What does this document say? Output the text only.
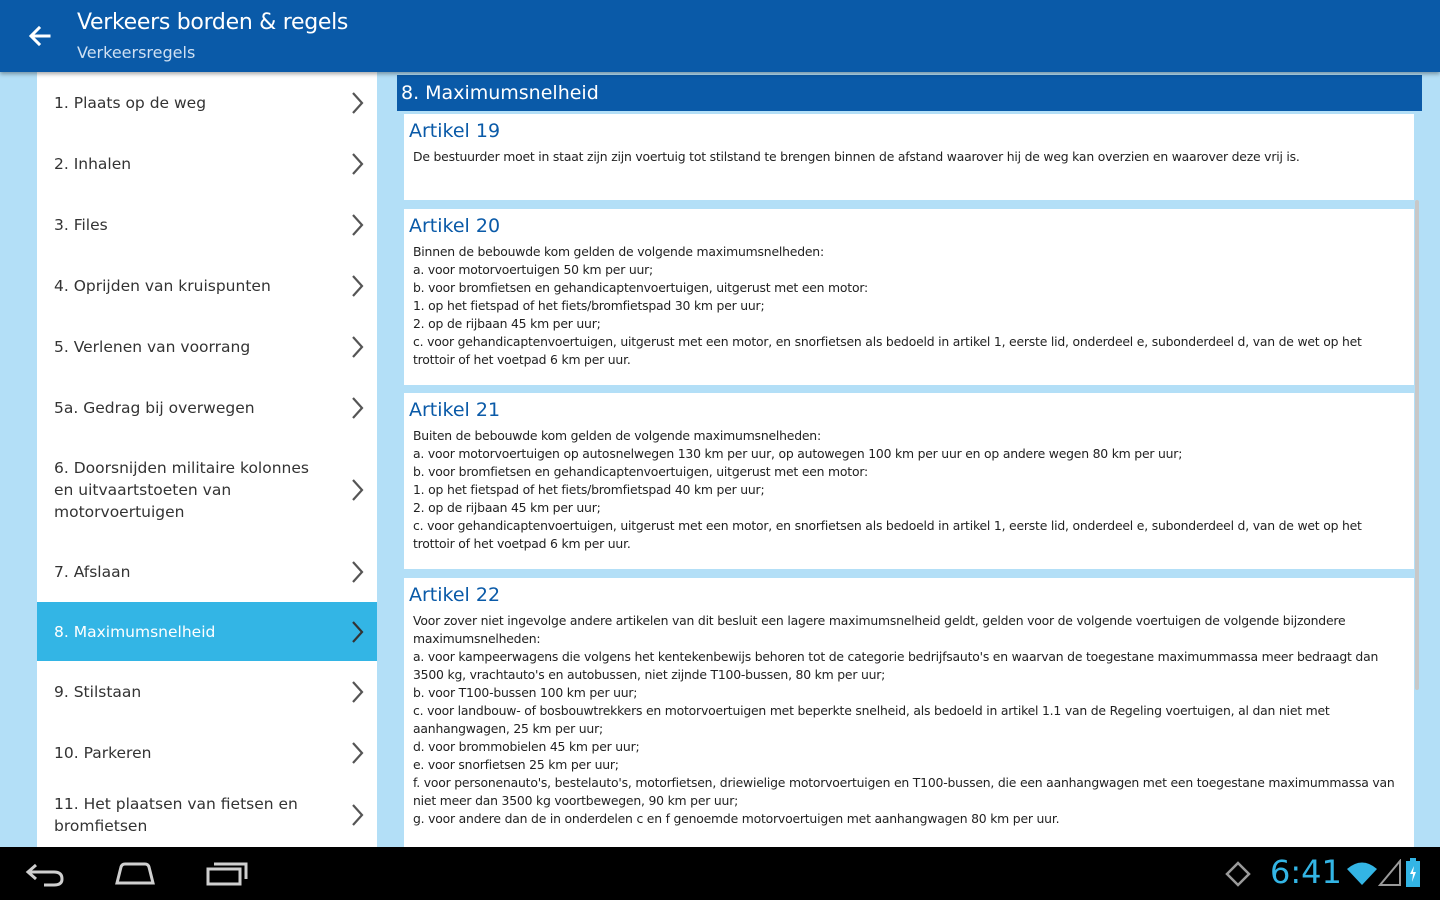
Verkeers borden & regels
Verkeersregels
1. Plaats op de weg
2. Inhalen
3. Files
4. Oprijden van kruispunten
5. Verlenen van voorrang
5a. Gedrag bij overwegen
6. Doorsnijden militaire kolonnes en uitvaartstoeten van motorvoertuigen
7. Afslaan
8. Maximumsnelheid
9. Stilstaan
10. Parkeren
11. Het plaatsen van fietsen en bromfietsen
8. Maximumsnelheid
Artikel 19
De bestuurder moet in staat zijn zijn voertuig tot stilstand te brengen binnen de afstand waarover hij de weg kan overzien en waarover deze vrij is.
Artikel 20
Binnen de bebouwde kom gelden de volgende maximumsnelheden:
a. voor motorvoertuigen 50 km per uur;
b. voor bromfietsen en gehandicaptenvoertuigen, uitgerust met een motor:
1. op het fietspad of het fiets/bromfietspad 30 km per uur;
2. op de rijbaan 45 km per uur;
c. voor gehandicaptenvoertuigen, uitgerust met een motor, en snorfietsen als bedoeld in artikel 1, eerste lid, onderdeel e, subonderdeel d, van de wet op het trottoir of het voetpad 6 km per uur.
Artikel 21
Buiten de bebouwde kom gelden de volgende maximumsnelheden:
a. voor motorvoertuigen op autosnelwegen 130 km per uur, op autowegen 100 km per uur en op andere wegen 80 km per uur;
b. voor bromfietsen en gehandicaptenvoertuigen, uitgerust met een motor:
1. op het fietspad of het fiets/bromfietspad 40 km per uur;
2. op de rijbaan 45 km per uur;
c. voor gehandicaptenvoertuigen, uitgerust met een motor, en snorfietsen als bedoeld in artikel 1, eerste lid, onderdeel e, subonderdeel d, van de wet op het trottoir of het voetpad 6 km per uur.
Artikel 22
Voor zover niet ingevolge andere artikelen van dit besluit een lagere maximumsnelheid geldt, gelden voor de volgende voertuigen de volgende bijzondere maximumsnelheden:
a. voor kampeerwagens die volgens het kentekenbewijs behoren tot de categorie bedrijfsauto's en waarvan de toegestane maximummassa meer bedraagt dan 3500 kg, vrachtauto's en autobussen, niet zijnde T100-bussen, 80 km per uur;
b. voor T100-bussen 100 km per uur;
c. voor landbouw- of bosbouwtrekkers en motorvoertuigen met beperkte snelheid, als bedoeld in artikel 1.1 van de Regeling voertuigen, al dan niet met aanhangwagen, 25 km per uur;
d. voor brommobielen 45 km per uur;
e. voor snorfietsen 25 km per uur;
f. voor personenauto's, bestelauto's, motorfietsen, driewielige motorvoertuigen en T100-bussen, die een aanhangwagen met een toegestane maximummassa van niet meer dan 3500 kg voortbewegen, 90 km per uur;
g. voor andere dan de in onderdelen c en f genoemde motorvoertuigen met aanhangwagen 80 km per uur.
6:41
